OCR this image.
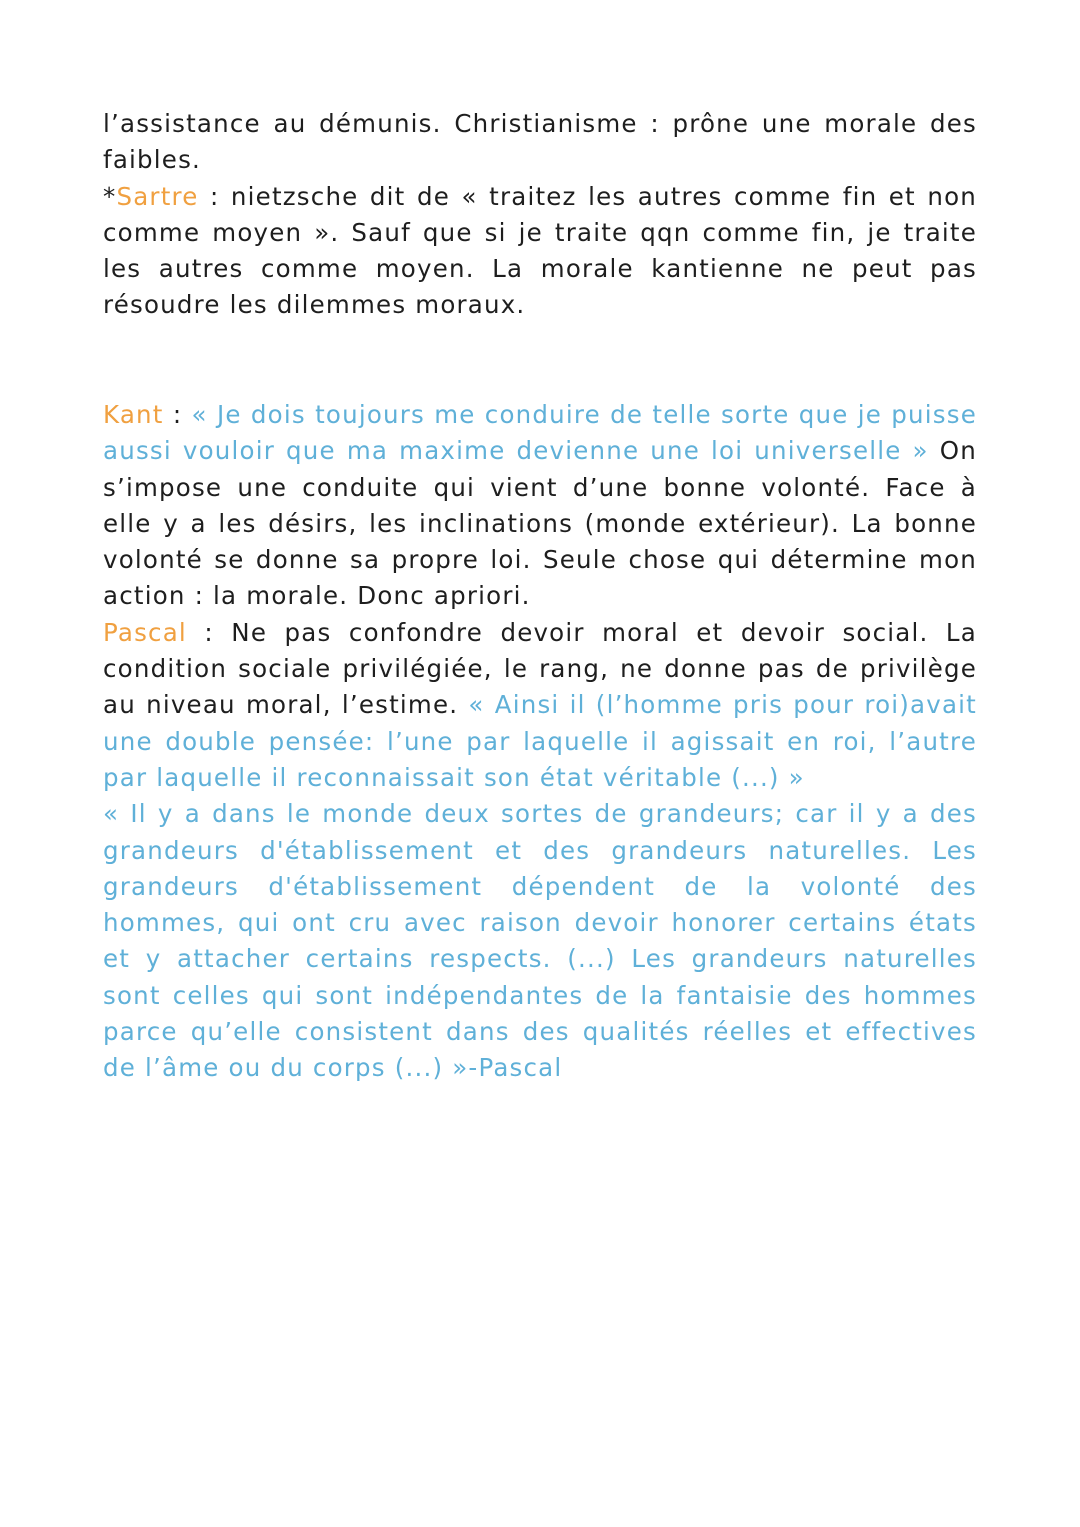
l’assistance au démunis. Christianisme : prône une morale des faibles.
*Sartre : nietzsche dit de « traitez les autres comme fin et non comme moyen ». Sauf que si je traite qqn comme fin, je traite les autres comme moyen. La morale kantienne ne peut pas résoudre les dilemmes moraux.

Kant : « Je dois toujours me conduire de telle sorte que je puisse aussi vouloir que ma maxime devienne une loi universelle » On s’impose une conduite qui vient d’une bonne volonté. Face à elle y a les désirs, les inclinations (monde extérieur). La bonne volonté se donne sa propre loi. Seule chose qui détermine mon action : la morale. Donc apriori.
Pascal : Ne pas confondre devoir moral et devoir social. La condition sociale privilégiée, le rang, ne donne pas de privilège au niveau moral, l’estime. « Ainsi il (l’homme pris pour roi)avait une double pensée: l’une par laquelle il agissait en roi, l’autre par laquelle il reconnaissait son état véritable (...) »
« Il y a dans le monde deux sortes de grandeurs; car il y a des grandeurs d'établissement et des grandeurs naturelles. Les grandeurs d'établissement dépendent de la volonté des hommes, qui ont cru avec raison devoir honorer certains états et y attacher certains respects. (...) Les grandeurs naturelles sont celles qui sont indépendantes de la fantaisie des hommes parce qu’elle consistent dans des qualités réelles et effectives de l’âme ou du corps (...) »-Pascal
